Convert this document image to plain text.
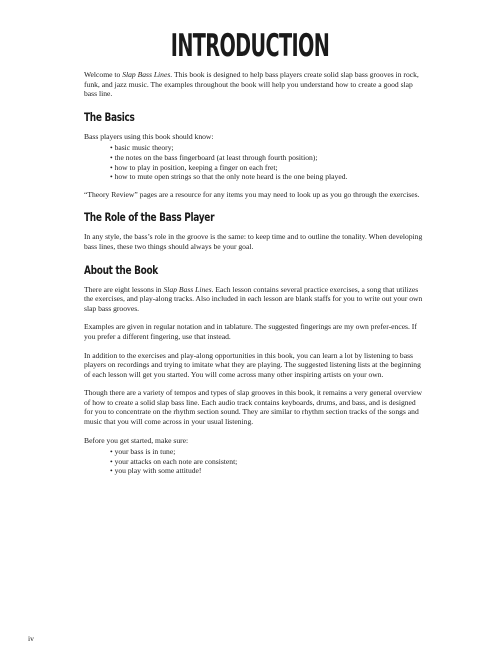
INTRODUCTION

Welcome to Slap Bass Lines. This book is designed to help bass players create solid slap bass grooves in rock, funk, and jazz music. The examples throughout the book will help you understand how to create a good slap bass line.

The Basics

Bass players using this book should know:

• basic music theory;
• the notes on the bass fingerboard (at least through fourth position);
• how to play in position, keeping a finger on each fret;
• how to mute open strings so that the only note heard is the one being played.

“Theory Review” pages are a resource for any items you may need to look up as you go through the exercises.

The Role of the Bass Player

In any style, the bass’s role in the groove is the same: to keep time and to outline the tonality. When developing bass lines, these two things should always be your goal.

About the Book

There are eight lessons in Slap Bass Lines. Each lesson contains several practice exercises, a song that utilizes the exercises, and play-along tracks. Also included in each lesson are blank staffs for you to write out your own slap bass grooves.

Examples are given in regular notation and in tablature. The suggested fingerings are my own prefer-ences. If you prefer a different fingering, use that instead.

In addition to the exercises and play-along opportunities in this book, you can learn a lot by listening to bass players on recordings and trying to imitate what they are playing. The suggested listening lists at the beginning of each lesson will get you started. You will come across many other inspiring artists on your own.

Though there are a variety of tempos and types of slap grooves in this book, it remains a very general overview of how to create a solid slap bass line. Each audio track contains keyboards, drums, and bass, and is designed for you to concentrate on the rhythm section sound. They are similar to rhythm section tracks of the songs and music that you will come across in your usual listening.

Before you get started, make sure:

• your bass is in tune;
• your attacks on each note are consistent;
• you play with some attitude!
iv
